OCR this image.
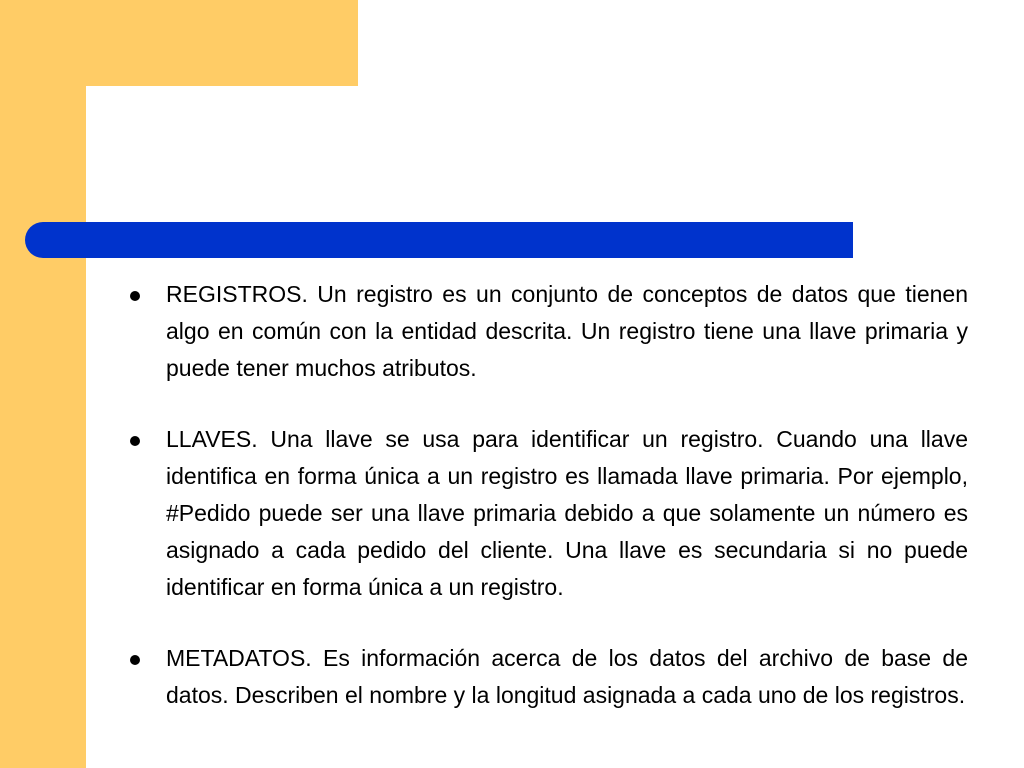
REGISTROS. Un registro es un conjunto de conceptos de datos que tienen algo en común con la entidad descrita. Un registro tiene una llave primaria y puede tener muchos atributos.
LLAVES. Una llave se usa para identificar un registro. Cuando una llave identifica en forma única a un registro es llamada llave primaria. Por ejemplo, #Pedido puede ser una llave primaria debido a que solamente un número es asignado a cada pedido del cliente. Una llave es secundaria si no puede identificar en forma única a un registro.
METADATOS. Es información acerca de los datos del archivo de base de datos. Describen el nombre y la longitud asignada a cada uno de los registros.
